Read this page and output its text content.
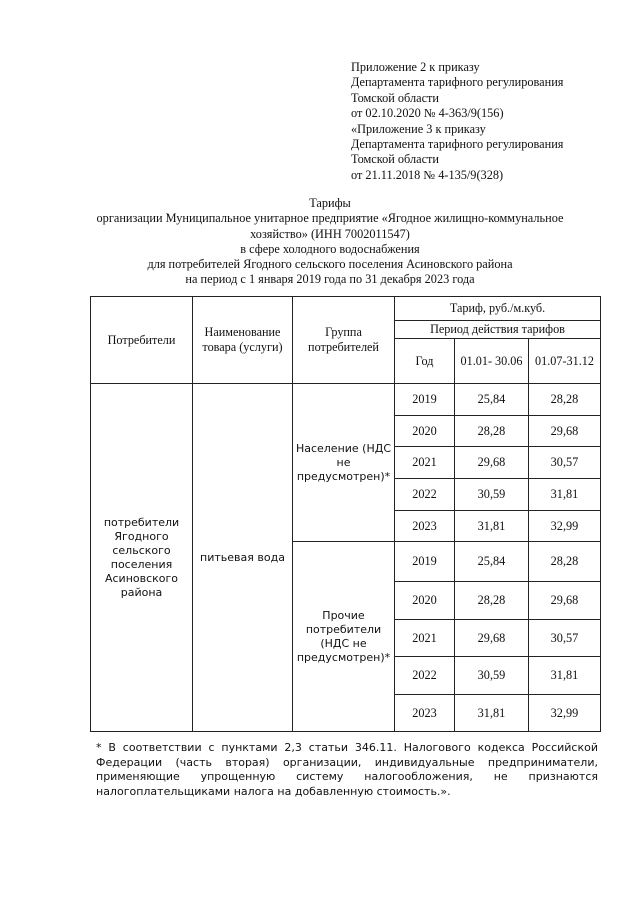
Приложение 2 к приказу
Департамента тарифного регулирования
Томской области
от 02.10.2020 № 4-363/9(156)
«Приложение 3 к приказу
Департамента тарифного регулирования
Томской области
от 21.11.2018 № 4-135/9(328)
Тарифы
организации Муниципальное унитарное предприятие «Ягодное жилищно-коммунальное
хозяйство» (ИНН 7002011547)
в сфере холодного водоснабжения
для потребителей Ягодного сельского поселения Асиновского района
на период с 1 января 2019 года по 31 декабря 2023 года
Потребители	Наименование товара (услуги)	Группа потребителей	Тариф, руб./м.куб.		
			Период действия тарифов		
			Год	01.01- 30.06	01.07-31.12
потребители Ягодного сельского поселения Асиновского района	питьевая вода	Население (НДС не предусмотрен)*	2019	25,84	28,28
			2020	28,28	29,68
			2021	29,68	30,57
			2022	30,59	31,81
			2023	31,81	32,99
		Прочие потребители (НДС не предусмотрен)*	2019	25,84	28,28
			2020	28,28	29,68
			2021	29,68	30,57
			2022	30,59	31,81
			2023	31,81	32,99
* В соответствии с пунктами 2,3 статьи 346.11. Налогового кодекса Российской Федерации (часть вторая) организации, индивидуальные предприниматели, применяющие упрощенную систему налогообложения, не признаются налогоплательщиками налога на добавленную стоимость.».
